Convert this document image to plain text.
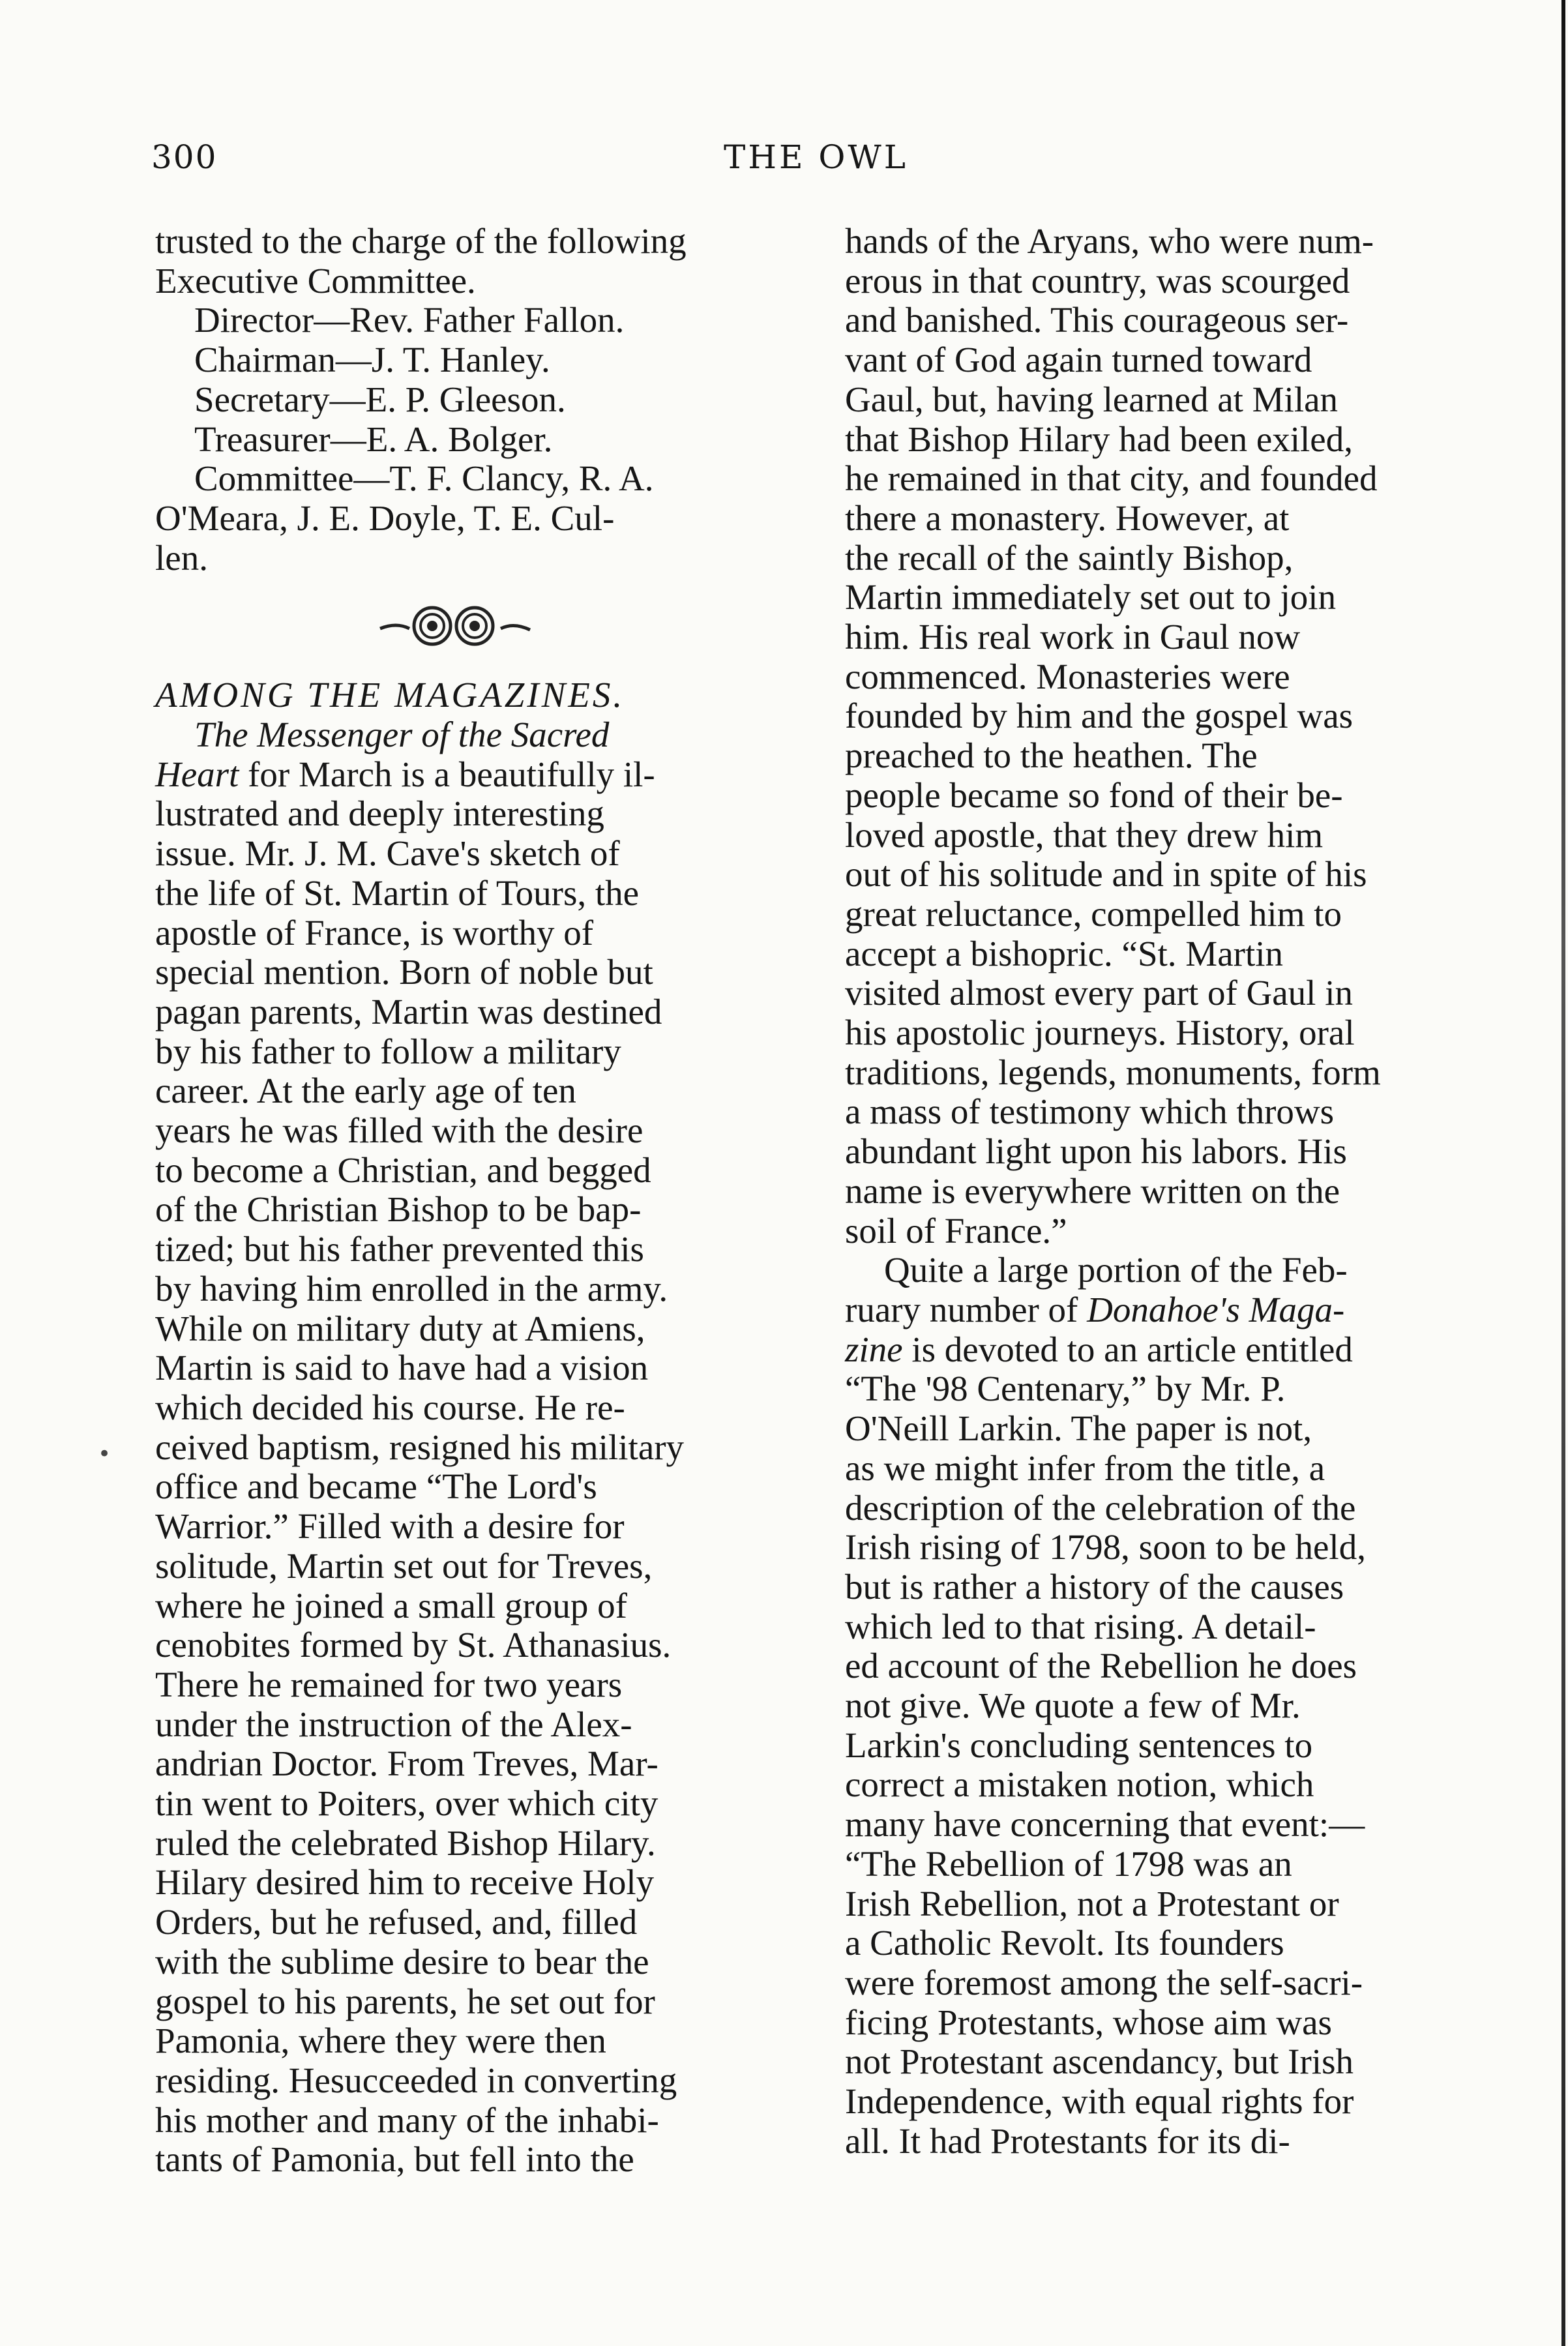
300	THE OWL
trusted to the charge of the following
Executive Committee.
Director—Rev. Father Fallon.
Chairman—J. T. Hanley.
Secretary—E. P. Gleeson.
Treasurer—E. A. Bolger.
Committee—T. F. Clancy, R. A.
O'Meara, J. E. Doyle, T. E. Cul-
len.
AMONG THE MAGAZINES.
The Messenger of the Sacred
Heart for March is a beautifully il-
lustrated and deeply interesting
issue. Mr. J. M. Cave's sketch of
the life of St. Martin of Tours, the
apostle of France, is worthy of
special mention. Born of noble but
pagan parents, Martin was destined
by his father to follow a military
career. At the early age of ten
years he was filled with the desire
to become a Christian, and begged
of the Christian Bishop to be bap-
tized; but his father prevented this
by having him enrolled in the army.
While on military duty at Amiens,
Martin is said to have had a vision
which decided his course. He re-
ceived baptism, resigned his military
office and became “The Lord's
Warrior.” Filled with a desire for
solitude, Martin set out for Treves,
where he joined a small group of
cenobites formed by St. Athanasius.
There he remained for two years
under the instruction of the Alex-
andrian Doctor. From Treves, Mar-
tin went to Poiters, over which city
ruled the celebrated Bishop Hilary.
Hilary desired him to receive Holy
Orders, but he refused, and, filled
with the sublime desire to bear the
gospel to his parents, he set out for
Pamonia, where they were then
residing. Hesucceeded in converting
his mother and many of the inhabi-
tants of Pamonia, but fell into the
hands of the Aryans, who were num-
erous in that country, was scourged
and banished. This courageous ser-
vant of God again turned toward
Gaul, but, having learned at Milan
that Bishop Hilary had been exiled,
he remained in that city, and founded
there a monastery. However, at
the recall of the saintly Bishop,
Martin immediately set out to join
him. His real work in Gaul now
commenced. Monasteries were
founded by him and the gospel was
preached to the heathen. The
people became so fond of their be-
loved apostle, that they drew him
out of his solitude and in spite of his
great reluctance, compelled him to
accept a bishopric. “St. Martin
visited almost every part of Gaul in
his apostolic journeys. History, oral
traditions, legends, monuments, form
a mass of testimony which throws
abundant light upon his labors. His
name is everywhere written on the
soil of France.”
Quite a large portion of the Feb-
ruary number of Donahoe's Maga-
zine is devoted to an article entitled
“The '98 Centenary,” by Mr. P.
O'Neill Larkin. The paper is not,
as we might infer from the title, a
description of the celebration of the
Irish rising of 1798, soon to be held,
but is rather a history of the causes
which led to that rising. A detail-
ed account of the Rebellion he does
not give. We quote a few of Mr.
Larkin's concluding sentences to
correct a mistaken notion, which
many have concerning that event:—
“The Rebellion of 1798 was an
Irish Rebellion, not a Protestant or
a Catholic Revolt. Its founders
were foremost among the self-sacri-
ficing Protestants, whose aim was
not Protestant ascendancy, but Irish
Independence, with equal rights for
all. It had Protestants for its di-
•
